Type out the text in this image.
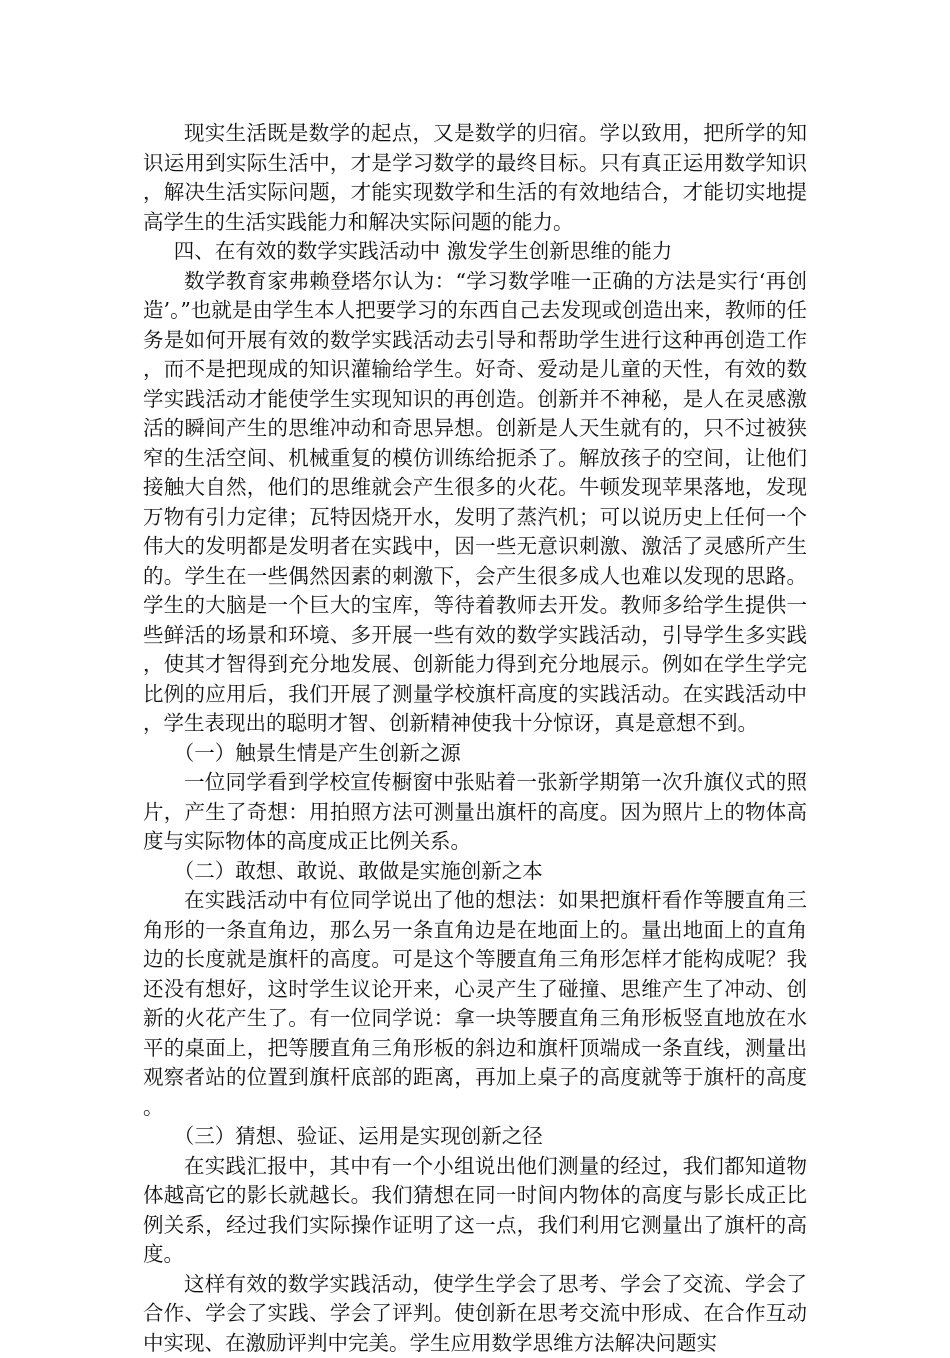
现实生活既是数学的起点，又是数学的归宿。学以致用，把所学的知识运用到实际生活中，才是学习数学的最终目标。只有真正运用数学知识，解决生活实际问题，才能实现数学和生活的有效地结合，才能切实地提高学生的生活实践能力和解决实际问题的能力。

四、在有效的数学实践活动中 激发学生创新思维的能力

数学教育家弗赖登塔尔认为：“学习数学唯一正确的方法是实行‘再创造’。”也就是由学生本人把要学习的东西自己去发现或创造出来，教师的任务是如何开展有效的数学实践活动去引导和帮助学生进行这种再创造工作，而不是把现成的知识灌输给学生。好奇、爱动是儿童的天性，有效的数学实践活动才能使学生实现知识的再创造。创新并不神秘，是人在灵感激活的瞬间产生的思维冲动和奇思异想。创新是人天生就有的，只不过被狭窄的生活空间、机械重复的模仿训练给扼杀了。解放孩子的空间，让他们接触大自然，他们的思维就会产生很多的火花。牛顿发现苹果落地，发现万物有引力定律；瓦特因烧开水，发明了蒸汽机；可以说历史上任何一个伟大的发明都是发明者在实践中，因一些无意识刺激、激活了灵感所产生的。学生在一些偶然因素的刺激下，会产生很多成人也难以发现的思路。学生的大脑是一个巨大的宝库，等待着教师去开发。教师多给学生提供一些鲜活的场景和环境、多开展一些有效的数学实践活动，引导学生多实践，使其才智得到充分地发展、创新能力得到充分地展示。例如在学生学完比例的应用后，我们开展了测量学校旗杆高度的实践活动。在实践活动中，学生表现出的聪明才智、创新精神使我十分惊讶，真是意想不到。

（一）触景生情是产生创新之源

一位同学看到学校宣传橱窗中张贴着一张新学期第一次升旗仪式的照片，产生了奇想：用拍照方法可测量出旗杆的高度。因为照片上的物体高度与实际物体的高度成正比例关系。

（二）敢想、敢说、敢做是实施创新之本

在实践活动中有位同学说出了他的想法：如果把旗杆看作等腰直角三角形的一条直角边，那么另一条直角边是在地面上的。量出地面上的直角边的长度就是旗杆的高度。可是这个等腰直角三角形怎样才能构成呢？我还没有想好，这时学生议论开来，心灵产生了碰撞、思维产生了冲动、创新的火花产生了。有一位同学说：拿一块等腰直角三角形板竖直地放在水平的桌面上，把等腰直角三角形板的斜边和旗杆顶端成一条直线，测量出观察者站的位置到旗杆底部的距离，再加上桌子的高度就等于旗杆的高度。

（三）猜想、验证、运用是实现创新之径

在实践汇报中，其中有一个小组说出他们测量的经过，我们都知道物体越高它的影长就越长。我们猜想在同一时间内物体的高度与影长成正比例关系，经过我们实际操作证明了这一点，我们利用它测量出了旗杆的高度。

这样有效的数学实践活动，使学生学会了思考、学会了交流、学会了合作、学会了实践、学会了评判。使创新在思考交流中形成、在合作互动中实现、在激励评判中完美。学生应用数学思维方法解决问题实
